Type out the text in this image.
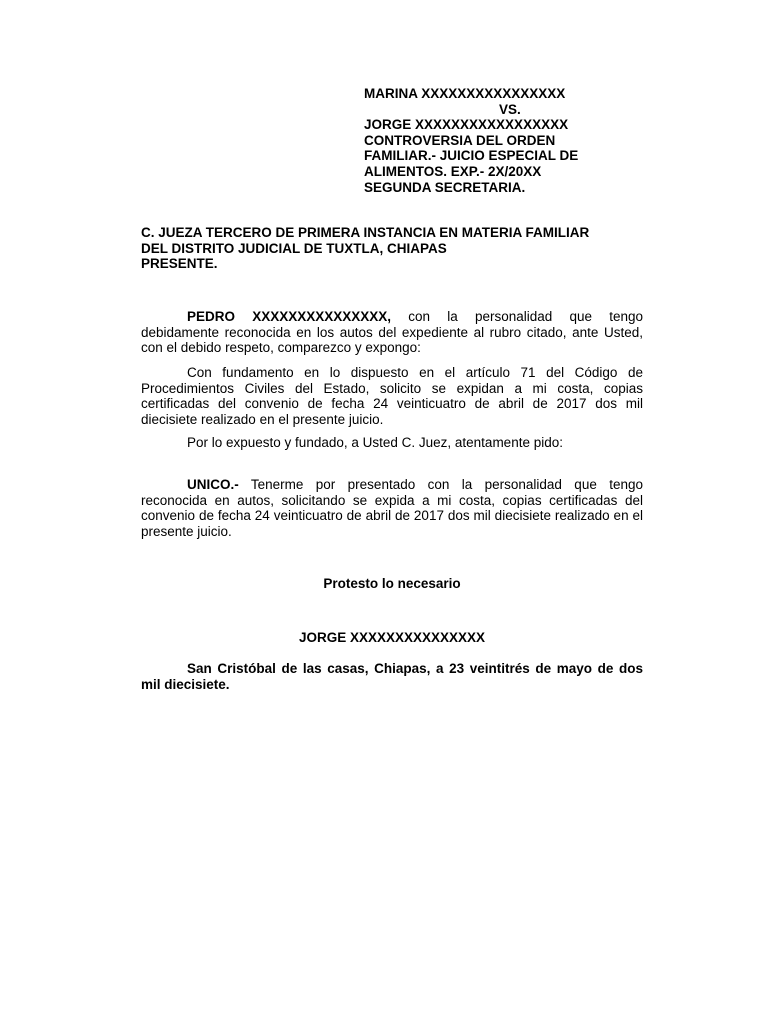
MARINA XXXXXXXXXXXXXXXX
VS.
JORGE XXXXXXXXXXXXXXXXX
CONTROVERSIA DEL ORDEN
FAMILIAR.- JUICIO ESPECIAL DE
ALIMENTOS. EXP.- 2X/20XX
SEGUNDA SECRETARIA.
C. JUEZA TERCERO DE PRIMERA INSTANCIA EN MATERIA FAMILIAR
DEL DISTRITO JUDICIAL DE TUXTLA, CHIAPAS
PRESENTE.
PEDRO XXXXXXXXXXXXXXX, con la personalidad que tengo debidamente reconocida en los autos del expediente al rubro citado, ante Usted, con el debido respeto, comparezco y expongo:
Con fundamento en lo dispuesto en el artículo 71 del Código de Procedimientos Civiles del Estado, solicito se expidan a mi costa, copias certificadas del convenio de fecha 24 veinticuatro de abril de 2017 dos mil diecisiete realizado en el presente juicio.
Por lo expuesto y fundado, a Usted C. Juez, atentamente pido:
UNICO.- Tenerme por presentado con la personalidad que tengo reconocida en autos, solicitando se expida a mi costa, copias certificadas del convenio de fecha 24 veinticuatro de abril de 2017 dos mil diecisiete realizado en el presente juicio.
Protesto lo necesario
JORGE XXXXXXXXXXXXXXX
San Cristóbal de las casas, Chiapas, a 23 veintitrés de mayo de dos mil diecisiete.
